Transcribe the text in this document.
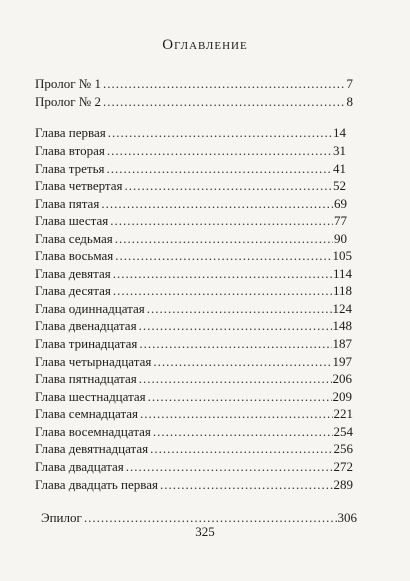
Оглавление
Пролог № 1 .....	7
Пролог № 2 .....	8
Глава первая .....	14
Глава вторая .....	31
Глава третья .....	41
Глава четвертая .....	52
Глава пятая .....	69
Глава шестая .....	77
Глава седьмая .....	90
Глава восьмая .....	105
Глава девятая .....	114
Глава десятая .....	118
Глава одиннадцатая .....	124
Глава двенадцатая .....	148
Глава тринадцатая .....	187
Глава четырнадцатая .....	197
Глава пятнадцатая .....	206
Глава шестнадцатая .....	209
Глава семнадцатая .....	221
Глава восемнадцатая .....	254
Глава девятнадцатая .....	256
Глава двадцатая .....	272
Глава двадцать первая .....	289
Эпилог .....	306
325
